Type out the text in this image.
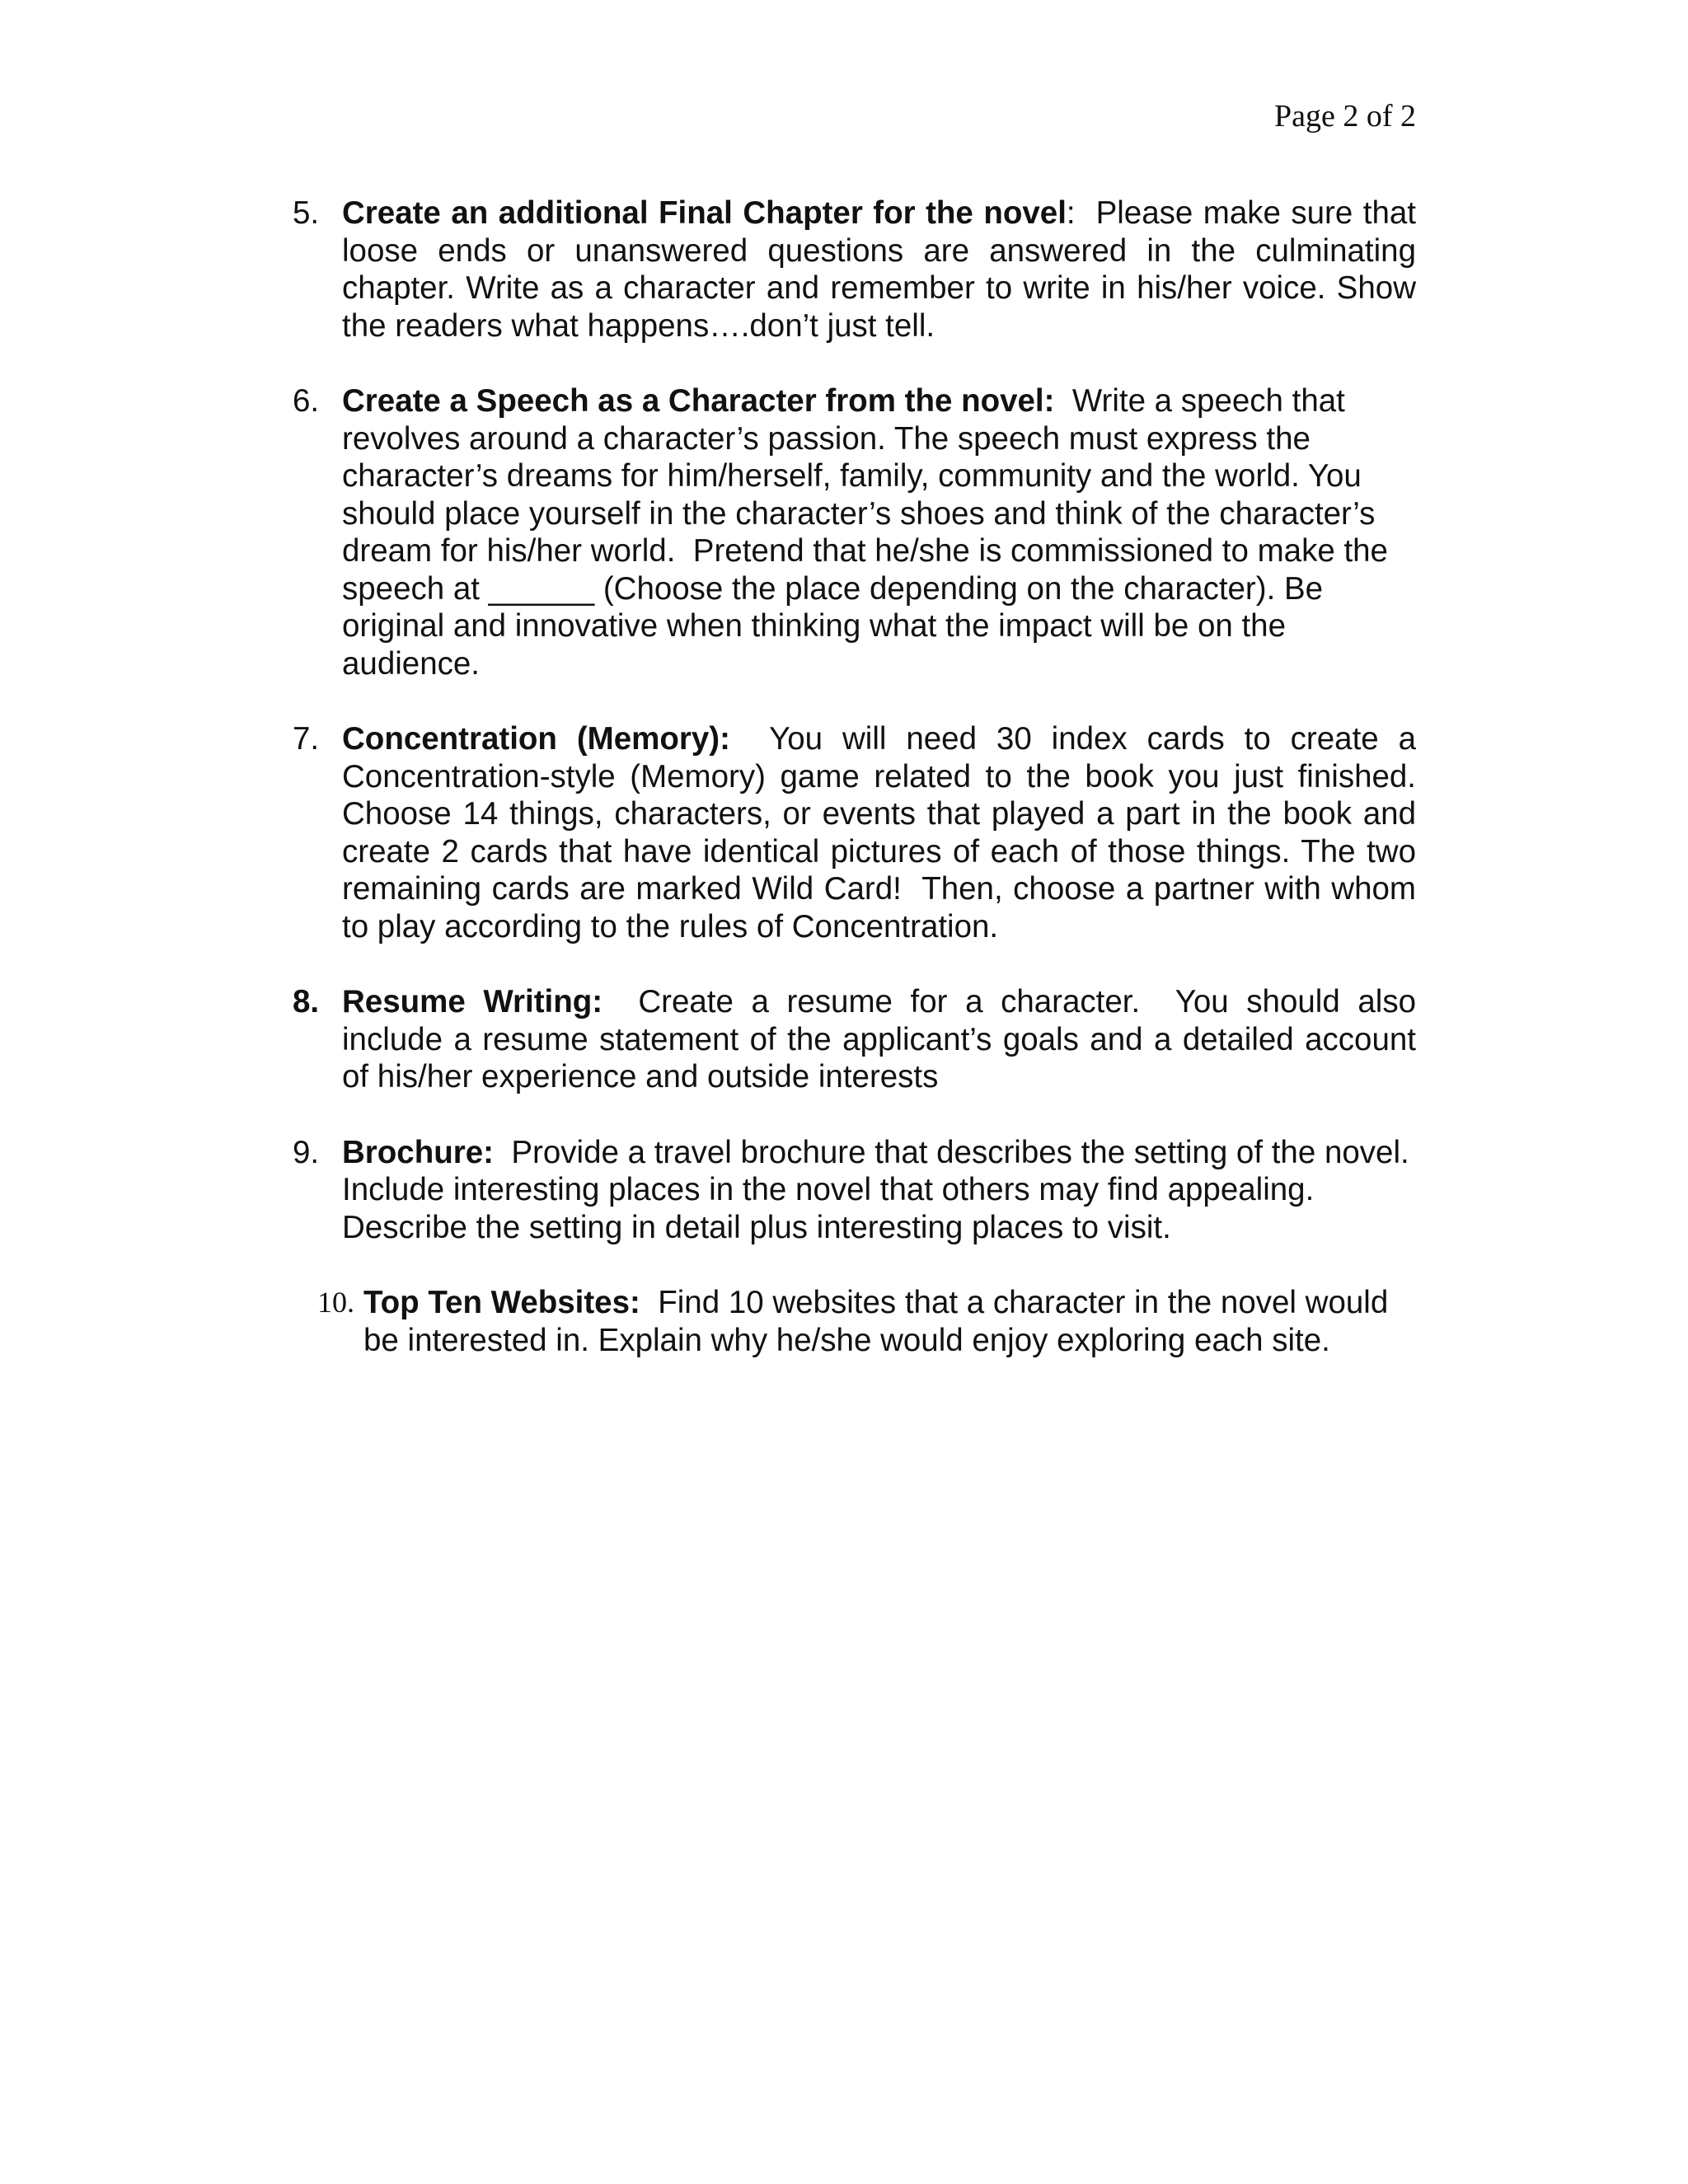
Page 2 of 2
5. Create an additional Final Chapter for the novel:  Please make sure that loose ends or unanswered questions are answered in the culminating chapter. Write as a character and remember to write in his/her voice. Show the readers what happens….don’t just tell.
6. Create a Speech as a Character from the novel: Write a speech that revolves around a character’s passion. The speech must express the character’s dreams for him/herself, family, community and the world. You should place yourself in the character’s shoes and think of the character’s dream for his/her world.  Pretend that he/she is commissioned to make the speech at ______ (Choose the place depending on the character). Be original and innovative when thinking what the impact will be on the audience.
7. Concentration (Memory): You will need 30 index cards to create a Concentration-style (Memory) game related to the book you just finished. Choose 14 things, characters, or events that played a part in the book and create 2 cards that have identical pictures of each of those things. The two remaining cards are marked Wild Card!  Then, choose a partner with whom to play according to the rules of Concentration.
8. Resume Writing: Create a resume for a character.  You should also include a resume statement of the applicant’s goals and a detailed account of his/her experience and outside interests
9. Brochure: Provide a travel brochure that describes the setting of the novel. Include interesting places in the novel that others may find appealing.  Describe the setting in detail plus interesting places to visit.
10. Top Ten Websites: Find 10 websites that a character in the novel would be interested in. Explain why he/she would enjoy exploring each site.
